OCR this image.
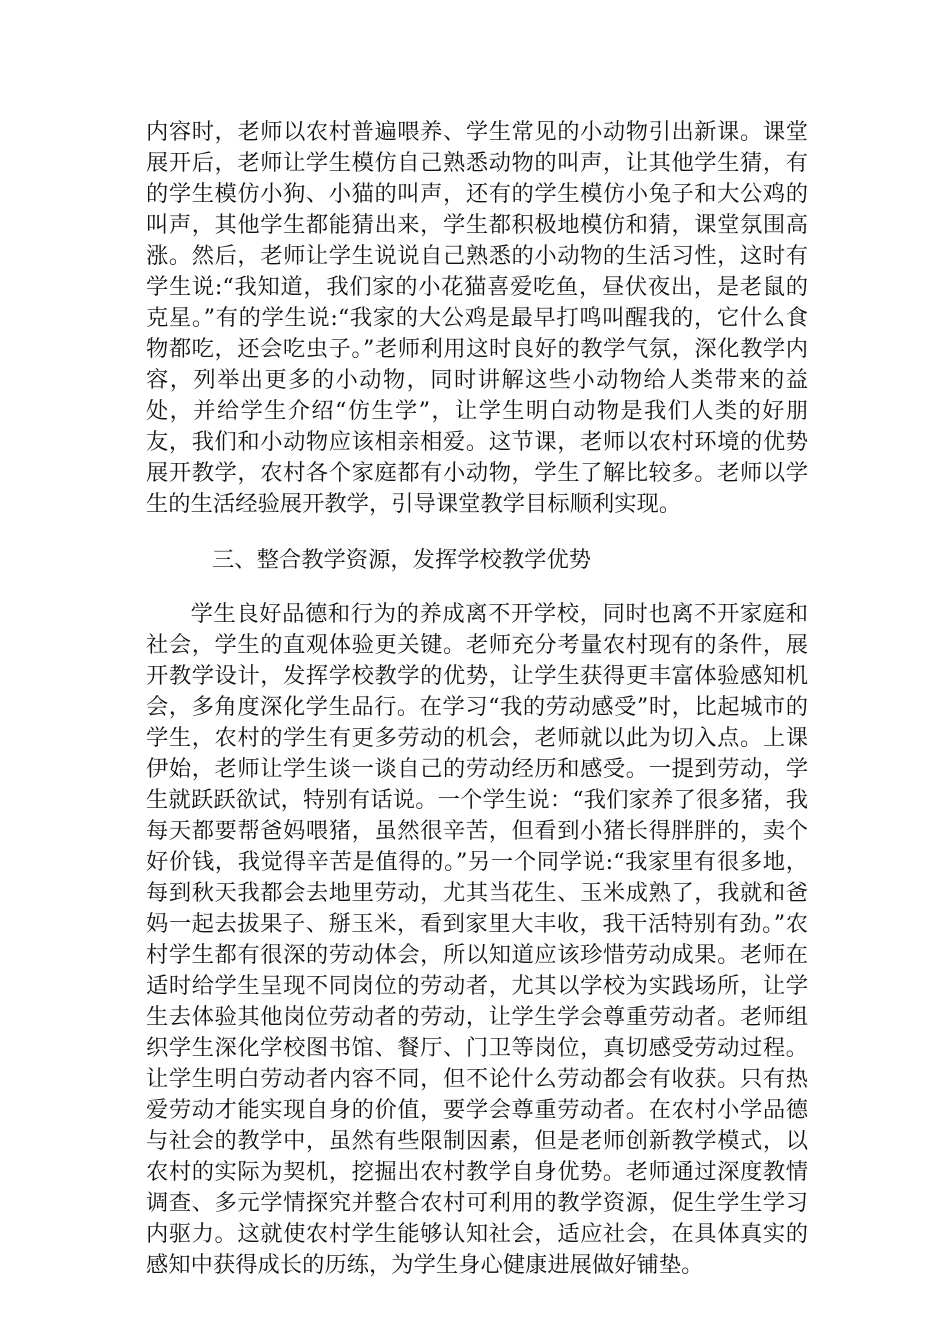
内容时，老师以农村普遍喂养、学生常见的小动物引出新课。课堂展开后，老师让学生模仿自己熟悉动物的叫声，让其他学生猜，有的学生模仿小狗、小猫的叫声，还有的学生模仿小兔子和大公鸡的叫声，其他学生都能猜出来，学生都积极地模仿和猜，课堂氛围高涨。然后，老师让学生说说自己熟悉的小动物的生活习性，这时有学生说:“我知道，我们家的小花猫喜爱吃鱼，昼伏夜出，是老鼠的克星。”有的学生说:“我家的大公鸡是最早打鸣叫醒我的，它什么食物都吃，还会吃虫子。”老师利用这时良好的教学气氛，深化教学内容，列举出更多的小动物，同时讲解这些小动物给人类带来的益处，并给学生介绍“仿生学”，让学生明白动物是我们人类的好朋友，我们和小动物应该相亲相爱。这节课，老师以农村环境的优势展开教学，农村各个家庭都有小动物，学生了解比较多。老师以学生的生活经验展开教学，引导课堂教学目标顺利实现。

三、整合教学资源，发挥学校教学优势

学生良好品德和行为的养成离不开学校，同时也离不开家庭和社会，学生的直观体验更关键。老师充分考量农村现有的条件，展开教学设计，发挥学校教学的优势，让学生获得更丰富体验感知机会，多角度深化学生品行。在学习“我的劳动感受”时，比起城市的学生，农村的学生有更多劳动的机会，老师就以此为切入点。上课伊始，老师让学生谈一谈自己的劳动经历和感受。一提到劳动，学生就跃跃欲试，特别有话说。一个学生说：“我们家养了很多猪，我每天都要帮爸妈喂猪，虽然很辛苦，但看到小猪长得胖胖的，卖个好价钱，我觉得辛苦是值得的。”另一个同学说:“我家里有很多地，每到秋天我都会去地里劳动，尤其当花生、玉米成熟了，我就和爸妈一起去拔果子、掰玉米，看到家里大丰收，我干活特别有劲。”农村学生都有很深的劳动体会，所以知道应该珍惜劳动成果。老师在适时给学生呈现不同岗位的劳动者，尤其以学校为实践场所，让学生去体验其他岗位劳动者的劳动，让学生学会尊重劳动者。老师组织学生深化学校图书馆、餐厅、门卫等岗位，真切感受劳动过程。让学生明白劳动者内容不同，但不论什么劳动都会有收获。只有热爱劳动才能实现自身的价值，要学会尊重劳动者。在农村小学品德与社会的教学中，虽然有些限制因素，但是老师创新教学模式，以农村的实际为契机，挖掘出农村教学自身优势。老师通过深度教情调查、多元学情探究并整合农村可利用的教学资源，促生学生学习内驱力。这就使农村学生能够认知社会，适应社会，在具体真实的感知中获得成长的历练，为学生身心健康进展做好铺垫。
